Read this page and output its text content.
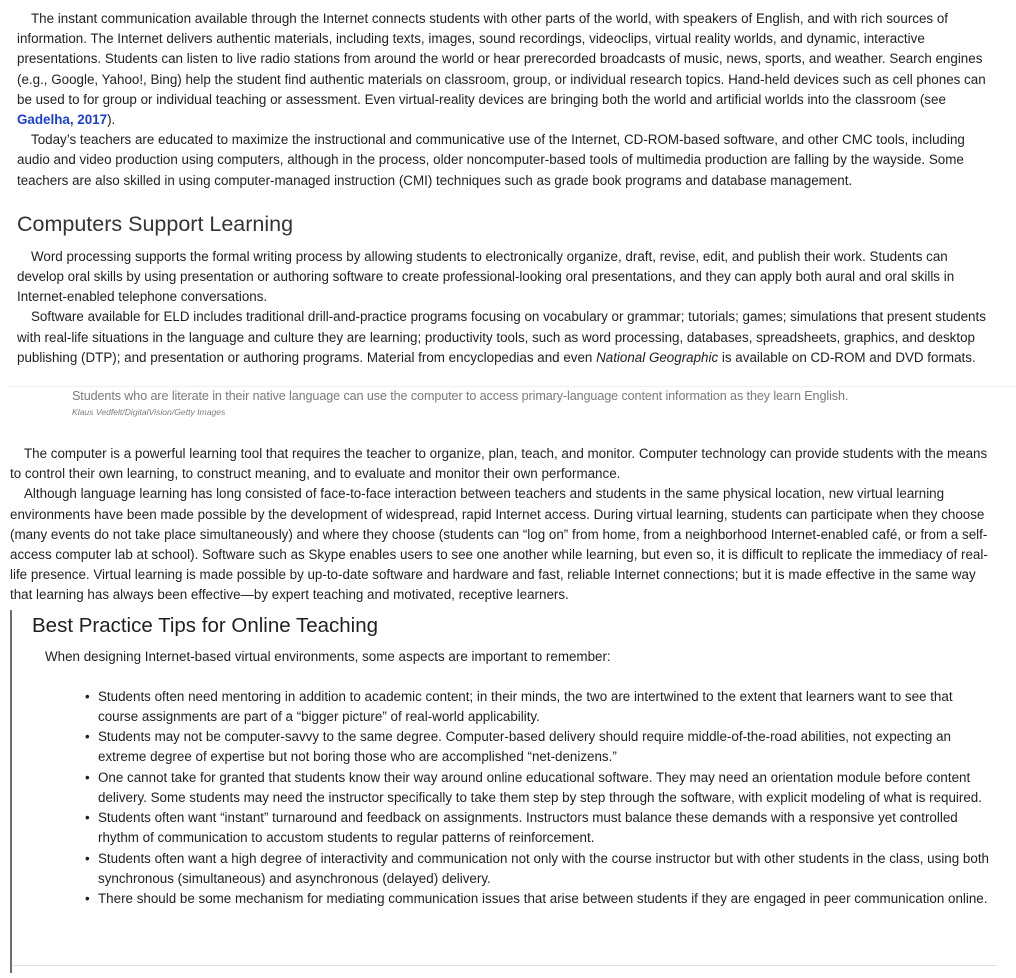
The instant communication available through the Internet connects students with other parts of the world, with speakers of English, and with rich sources of information. The Internet delivers authentic materials, including texts, images, sound recordings, videoclips, virtual reality worlds, and dynamic, interactive presentations. Students can listen to live radio stations from around the world or hear prerecorded broadcasts of music, news, sports, and weather. Search engines (e.g., Google, Yahoo!, Bing) help the student find authentic materials on classroom, group, or individual research topics. Hand-held devices such as cell phones can be used to for group or individual teaching or assessment. Even virtual-reality devices are bringing both the world and artificial worlds into the classroom (see Gadelha, 2017).

Today’s teachers are educated to maximize the instructional and communicative use of the Internet, CD-ROM-based software, and other CMC tools, including audio and video production using computers, although in the process, older noncomputer-based tools of multimedia production are falling by the wayside. Some teachers are also skilled in using computer-managed instruction (CMI) techniques such as grade book programs and database management.

Computers Support Learning

Word processing supports the formal writing process by allowing students to electronically organize, draft, revise, edit, and publish their work. Students can develop oral skills by using presentation or authoring software to create professional-looking oral presentations, and they can apply both aural and oral skills in Internet-enabled telephone conversations.

Software available for ELD includes traditional drill-and-practice programs focusing on vocabulary or grammar; tutorials; games; simulations that present students with real-life situations in the language and culture they are learning; productivity tools, such as word processing, databases, spreadsheets, graphics, and desktop publishing (DTP); and presentation or authoring programs. Material from encyclopedias and even National Geographic is available on CD-ROM and DVD formats.

Students who are literate in their native language can use the computer to access primary-language content information as they learn English.
Klaus Vedfelt/DigitalVision/Getty Images

The computer is a powerful learning tool that requires the teacher to organize, plan, teach, and monitor. Computer technology can provide students with the means to control their own learning, to construct meaning, and to evaluate and monitor their own performance.

Although language learning has long consisted of face-to-face interaction between teachers and students in the same physical location, new virtual learning environments have been made possible by the development of widespread, rapid Internet access. During virtual learning, students can participate when they choose (many events do not take place simultaneously) and where they choose (students can “log on” from home, from a neighborhood Internet-enabled café, or from a self-access computer lab at school). Software such as Skype enables users to see one another while learning, but even so, it is difficult to replicate the immediacy of real-life presence. Virtual learning is made possible by up-to-date software and hardware and fast, reliable Internet connections; but it is made effective in the same way that learning has always been effective—by expert teaching and motivated, receptive learners.

Best Practice Tips for Online Teaching
When designing Internet-based virtual environments, some aspects are important to remember:
• Students often need mentoring in addition to academic content; in their minds, the two are intertwined to the extent that learners want to see that course assignments are part of a “bigger picture” of real-world applicability.
• Students may not be computer-savvy to the same degree. Computer-based delivery should require middle-of-the-road abilities, not expecting an extreme degree of expertise but not boring those who are accomplished “net-denizens.”
• One cannot take for granted that students know their way around online educational software. They may need an orientation module before content delivery. Some students may need the instructor specifically to take them step by step through the software, with explicit modeling of what is required.
• Students often want “instant” turnaround and feedback on assignments. Instructors must balance these demands with a responsive yet controlled rhythm of communication to accustom students to regular patterns of reinforcement.
• Students often want a high degree of interactivity and communication not only with the course instructor but with other students in the class, using both synchronous (simultaneous) and asynchronous (delayed) delivery.
• There should be some mechanism for mediating communication issues that arise between students if they are engaged in peer communication online.
